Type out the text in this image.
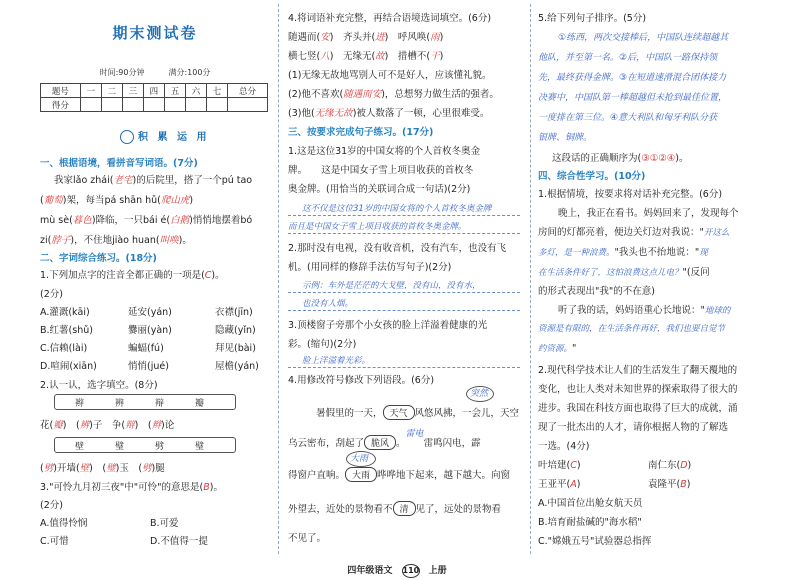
期末测试卷
时间:90分钟　　　满分:100分
题号	一	二	三	四	五	六	七	总分
得分								
积 累 运 用
一、根据语境，看拼音写词语。(7分)
我家lǎo zhái(老宅)的后院里，搭了一个pú tao
(葡萄)架，每当pá shān hǔ(爬山虎)
mù sè(暮色)降临，一只bái é(白鹅)悄悄地摆着bó
zi(脖子)，不住地jiào huan(叫唤)。
二、字词综合练习。(18分)
1.下列加点字的注音全都正确的一项是(C)。
(2分)
A.灌溉(kāi)	延安(yán)	衣襟(jīn)
B.红薯(shǔ)	爨丽(yàn)	隐藏(yǐn)
C.信赖(lài)	蝙蝠(fú)	拜见(bài)
D.喧闹(xiān)	悄悄(jué)	屋檐(yán)
2.认一认，选字填空。(8分)
辫	辨	辩	瓣
花(瓣)　(辨)子　争(辩)　(辫)论
壁	璧	劈	璧
(劈)开墙(壁)　(璧)玉　(劈)腿
3."可怜九月初三夜"中"可怜"的意思是(B)。
(2分)
A.值得怜悯	B.可爱
C.可惜	D.不值得一提
4.将词语补充完整，再结合语境选词填空。(6分)
随遇而(安)　齐头并(进)　呼风唤(雨)
横七竖(八)　无缘无(故)　措槽不(干)
(1)无缘无故地骂别人可不是好人，应该懂礼貌。
(2)他不喜欢(随遇而安)，总想努力做生活的强者。
(3)他(无缘无故)被人数落了一顿，心里很难受。
三、按要求完成句子练习。(17分)
1.这是这位31岁的中国女将的个人首枚冬奥金
牌。　　这是中国女子雪上项目收获的首枚冬
奥金牌。(用恰当的关联词合成一句话)(2分)
这不仅是这位31岁的中国女将的个人首枚冬奥金牌
而且是中国女子雪上项目收获的首枚冬奥金牌。
2.那时没有电视，没有收音机，没有汽车，也没有飞
机。(用同样的修辞手法仿写句子)(2分)
示例：车外是茫茫的大戈壁，没有山，没有水，
也没有人烟。
3.顶楼窗子旁那个小女孩的脸上洋溢着健康的光
彩。(缩句)(2分)
脸上洋溢着光彩。
4.用修改符号修改下列语段。(6分)
突然
暑假里的一天， 天气 风悠风拂，一会儿，天空
乌云密布，刮起了 脆风 。雷电雷鸣闪电，霹
大雨
得窗户直响。 大雨 哗哗地下起来，越下越大。向窗
外望去，近处的景物看不 清 见了，远处的景物看
不见了。
5.给下列句子排序。(5分)
①练西，两次交接棒后，中国队连续超越其
他队，并至第一名。②后，中国队一路保持领
先，最终获得金牌。③在短道速滑混合团体接力
决赛中，中国队第一棒超越但未抢到最佳位置，
一度排在第三位。④意大利队和匈牙利队分获
银牌、铜牌。
这段话的正确顺序为(③①②④)。
四、综合性学习。(10分)
1.根据情境，按要求将对话补充完整。(6分)
晚上，我正在看书。妈妈回来了，发现每个
房间的灯都亮着，便边关灯边对我说："开这么
多灯，是一种浪费。"我头也不抬地说："现
在生活条件好了，这怕浪费这点儿电？"(反问
的形式表现出"我"的不在意)
听了我的话，妈妈语重心长地说："地球的
资源是有限的，在生活条件再好，我们也要自觉节
约资源。"
2.现代科学技术让人们的生活发生了翻天覆地的
变化，也让人类对未知世界的探索取得了很大的
进步。我国在科技方面也取得了巨大的成就，涌
现了一批杰出的人才，请你根据人物的了解选
一选。(4分)
叶培建(C)	南仁东(D)
王亚平(A)	袁隆平(B)
A.中国首位出舱女航天员
B.培育耐盐碱的"海水稻"
C."嫦娥五号"试验器总指挥
四年级语文 110 上册
